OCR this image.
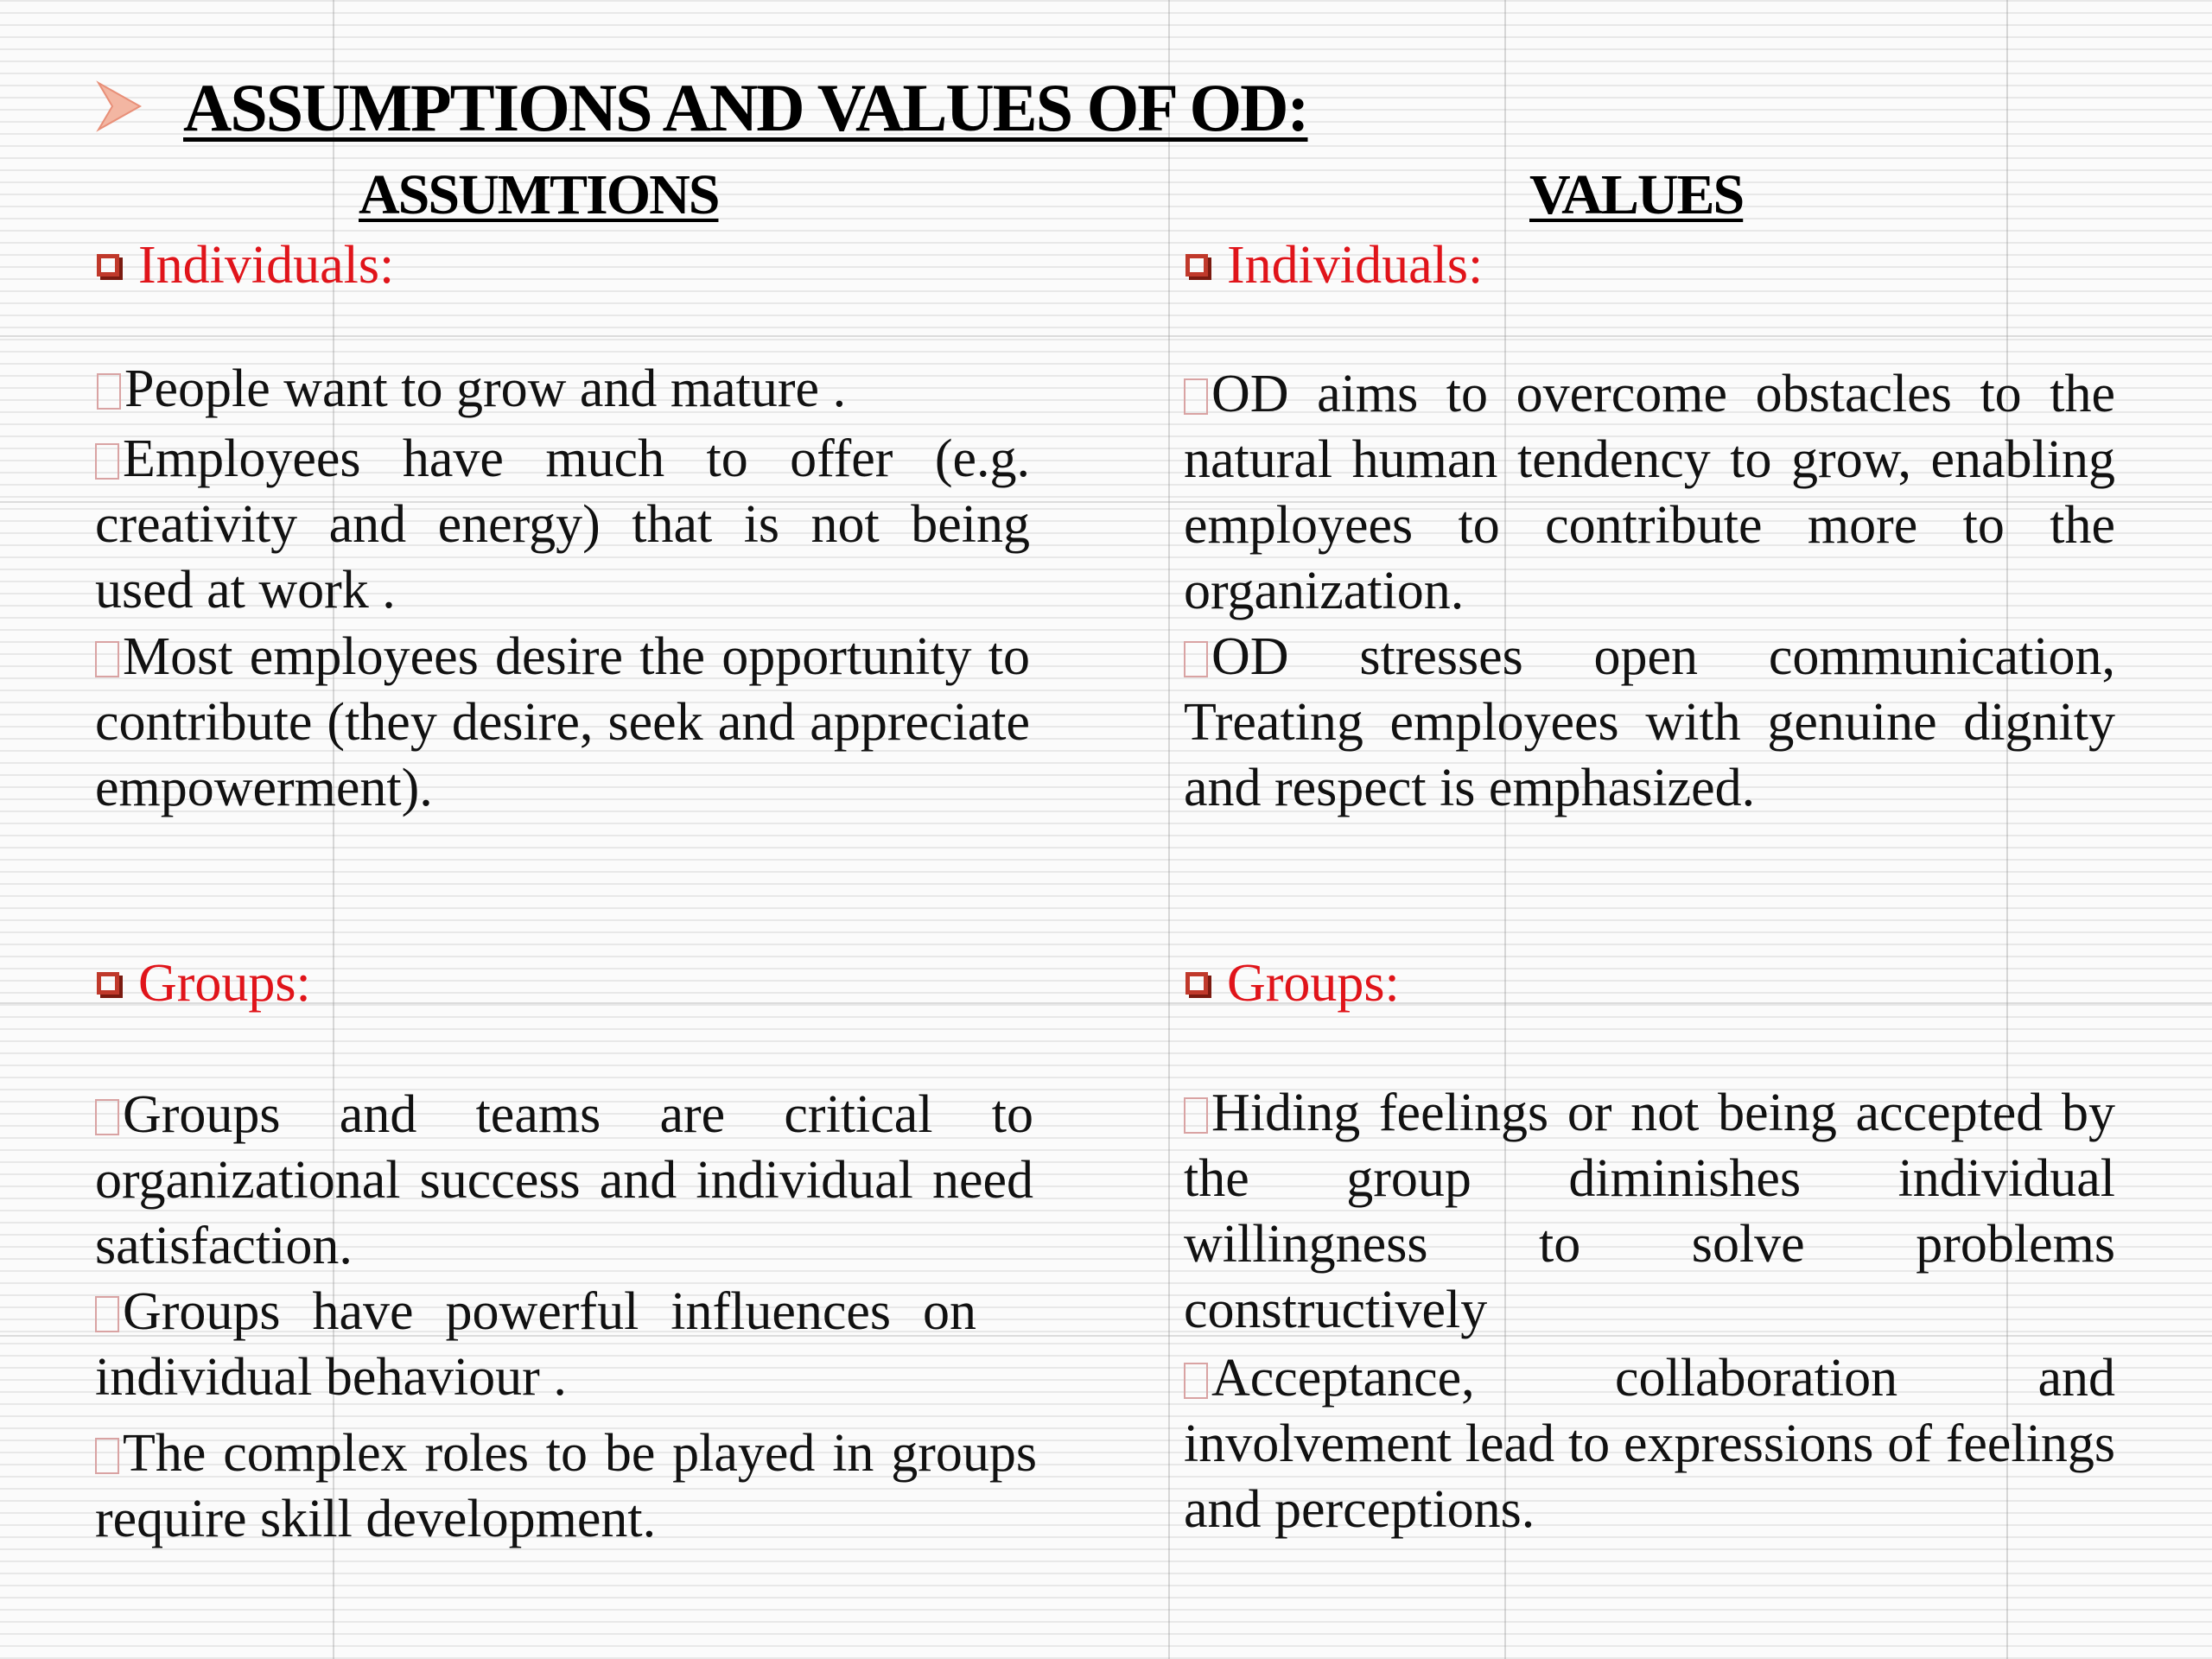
ASSUMPTIONS AND VALUES OF OD:
ASSUMTIONS	VALUES
Individuals:
People want to grow and mature .
Employees have much to offer (e.g. creativity and energy) that is not being used at work .
Most employees desire the opportunity to contribute (they desire, seek and appreciate empowerment).
Groups:
Groups and teams are critical to organizational success and individual need satisfaction.
Groups have powerful influences on individual behaviour .
The complex roles to be played in groups require skill development.
Individuals:
OD aims to overcome obstacles to the natural human tendency to grow, enabling employees to contribute more to the organization.
OD stresses open communication, Treating employees with genuine dignity and respect is emphasized.
Groups:
Hiding feelings or not being accepted by the group diminishes individual willingness to solve problems constructively
Acceptance, collaboration and involvement lead to expressions of feelings and perceptions.
